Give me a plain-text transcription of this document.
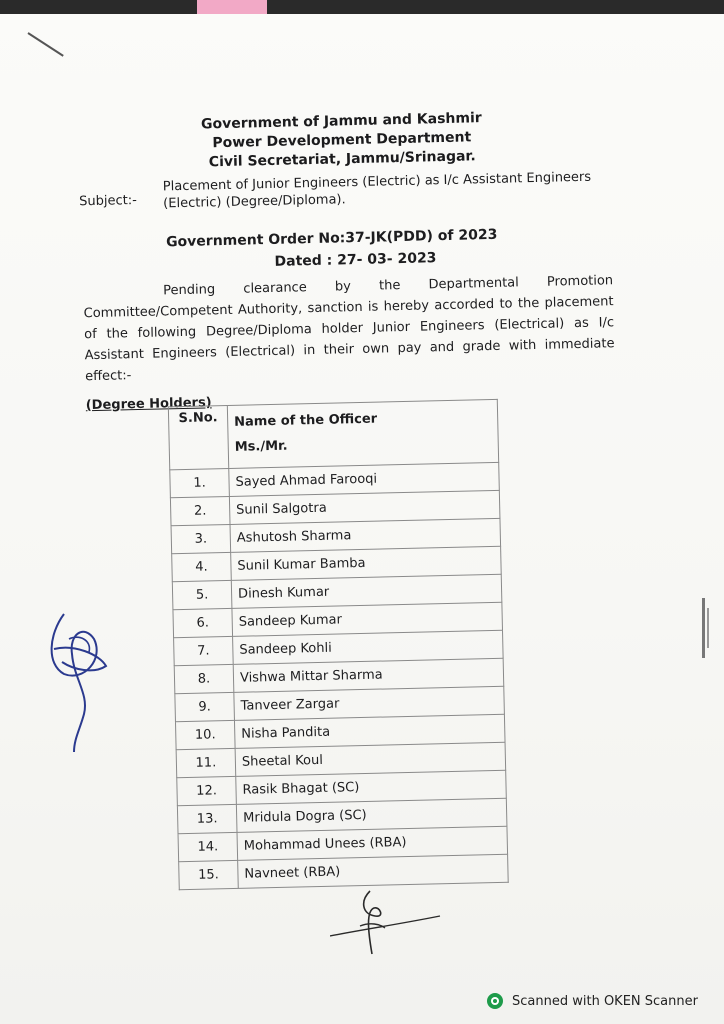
Government of Jammu and Kashmir
Power Development Department
Civil Secretariat, Jammu/Srinagar.
Subject:-
Placement of Junior Engineers (Electric) as I/c Assistant Engineers (Electric) (Degree/Diploma).
Government Order No:37-JK(PDD) of 2023
Dated : 27- 03- 2023
Pending clearance by the Departmental Promotion Committee/Competent Authority, sanction is hereby accorded to the placement of the following Degree/Diploma holder Junior Engineers (Electrical) as I/c Assistant Engineers (Electrical) in their own pay and grade with immediate effect:-
(Degree Holders)
S.No.	Name of the Officer
Ms./Mr.

1.	Sayed Ahmad Farooqi
2.	Sunil Salgotra
3.	Ashutosh Sharma
4.	Sunil Kumar Bamba
5.	Dinesh Kumar
6.	Sandeep Kumar
7.	Sandeep Kohli
8.	Vishwa Mittar Sharma
9.	Tanveer Zargar
10.	Nisha Pandita
11.	Sheetal Koul
12.	Rasik Bhagat (SC)
13.	Mridula Dogra (SC)
14.	Mohammad Unees (RBA)
15.	Navneet (RBA)
Scanned with OKEN Scanner
